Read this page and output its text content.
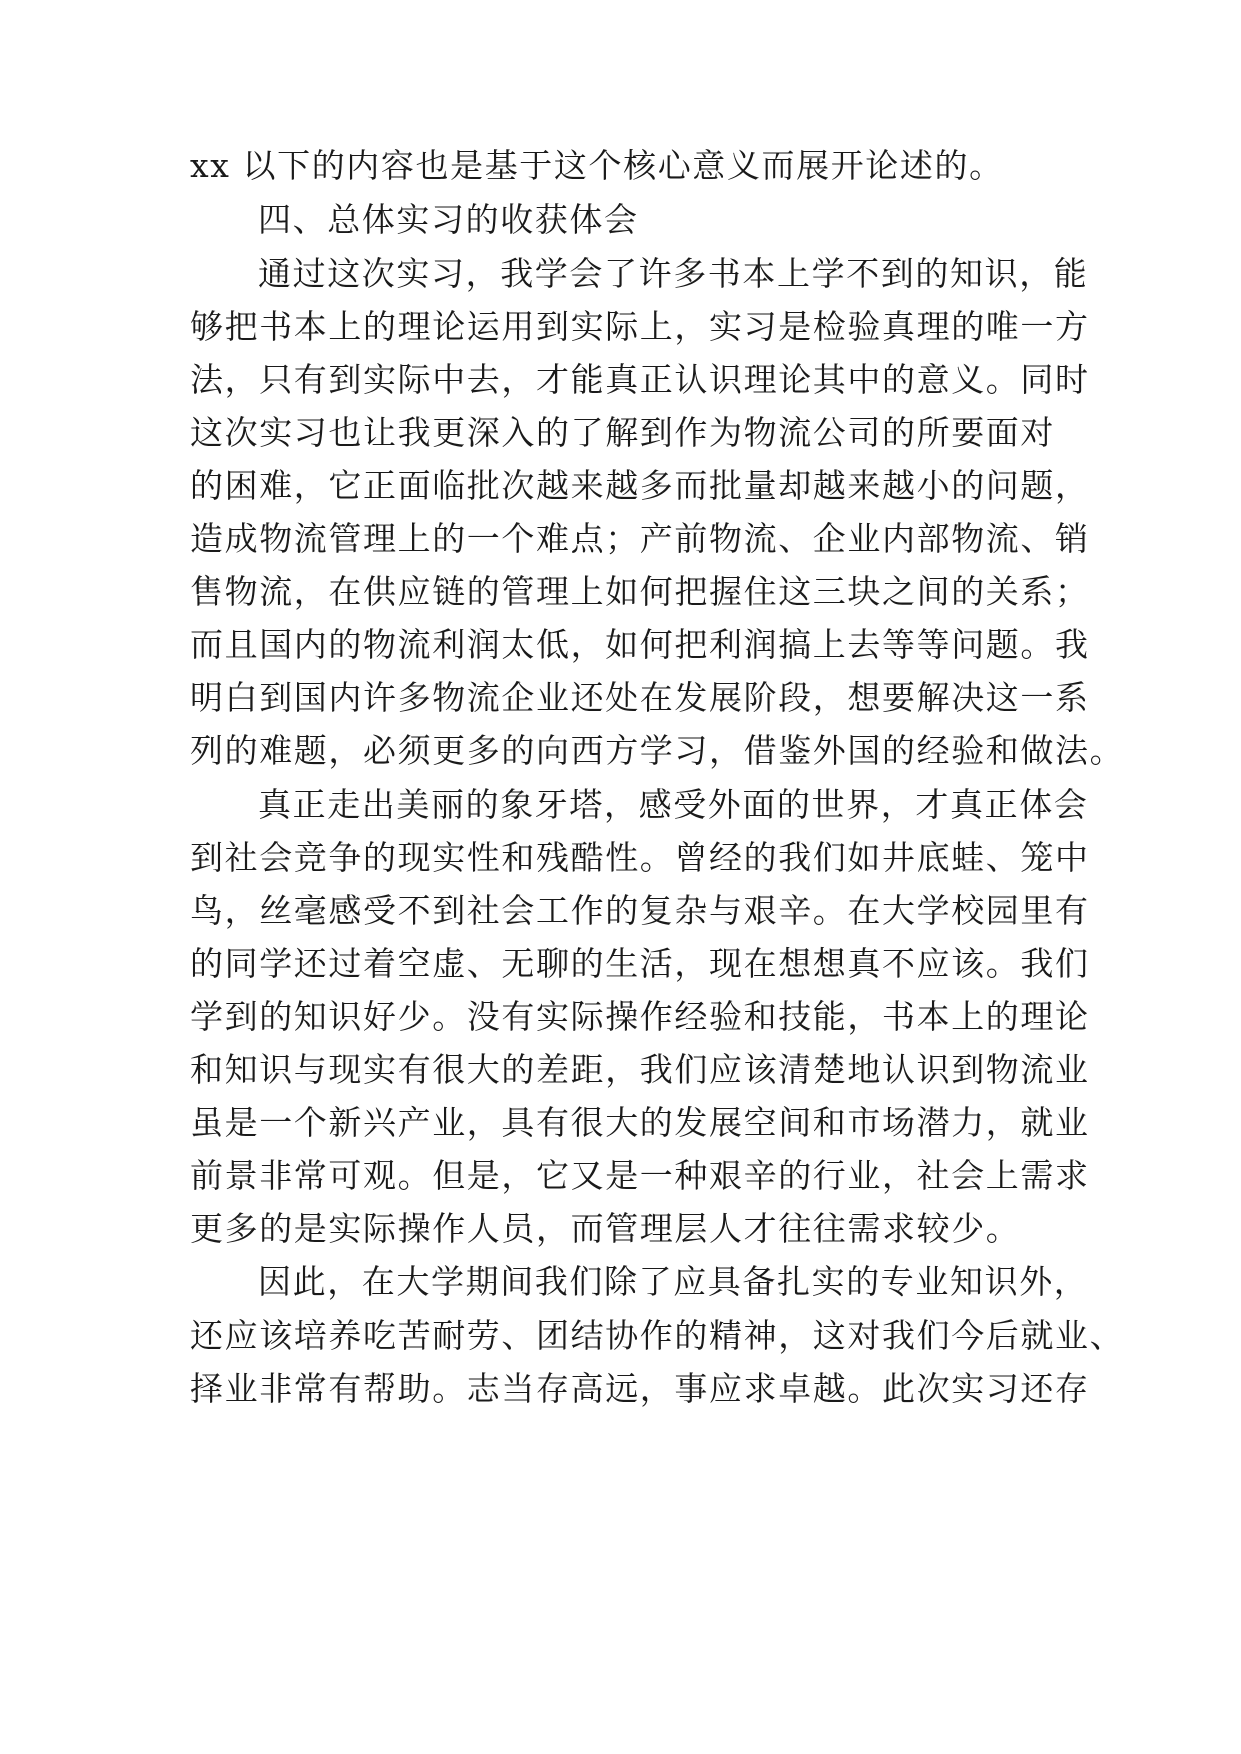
xx 以下的内容也是基于这个核心意义而展开论述的。
四、总体实习的收获体会
通过这次实习，我学会了许多书本上学不到的知识，能
够把书本上的理论运用到实际上，实习是检验真理的唯一方
法，只有到实际中去，才能真正认识理论其中的意义。同时
这次实习也让我更深入的了解到作为物流公司的所要面对
的困难，它正面临批次越来越多而批量却越来越小的问题，
造成物流管理上的一个难点；产前物流、企业内部物流、销
售物流，在供应链的管理上如何把握住这三块之间的关系；
而且国内的物流利润太低，如何把利润搞上去等等问题。我
明白到国内许多物流企业还处在发展阶段，想要解决这一系
列的难题，必须更多的向西方学习，借鉴外国的经验和做法。
真正走出美丽的象牙塔，感受外面的世界，才真正体会
到社会竞争的现实性和残酷性。曾经的我们如井底蛙、笼中
鸟，丝毫感受不到社会工作的复杂与艰辛。在大学校园里有
的同学还过着空虚、无聊的生活，现在想想真不应该。我们
学到的知识好少。没有实际操作经验和技能，书本上的理论
和知识与现实有很大的差距，我们应该清楚地认识到物流业
虽是一个新兴产业，具有很大的发展空间和市场潜力，就业
前景非常可观。但是，它又是一种艰辛的行业，社会上需求
更多的是实际操作人员，而管理层人才往往需求较少。
因此，在大学期间我们除了应具备扎实的专业知识外，
还应该培养吃苦耐劳、团结协作的精神，这对我们今后就业、
择业非常有帮助。志当存高远，事应求卓越。此次实习还存
